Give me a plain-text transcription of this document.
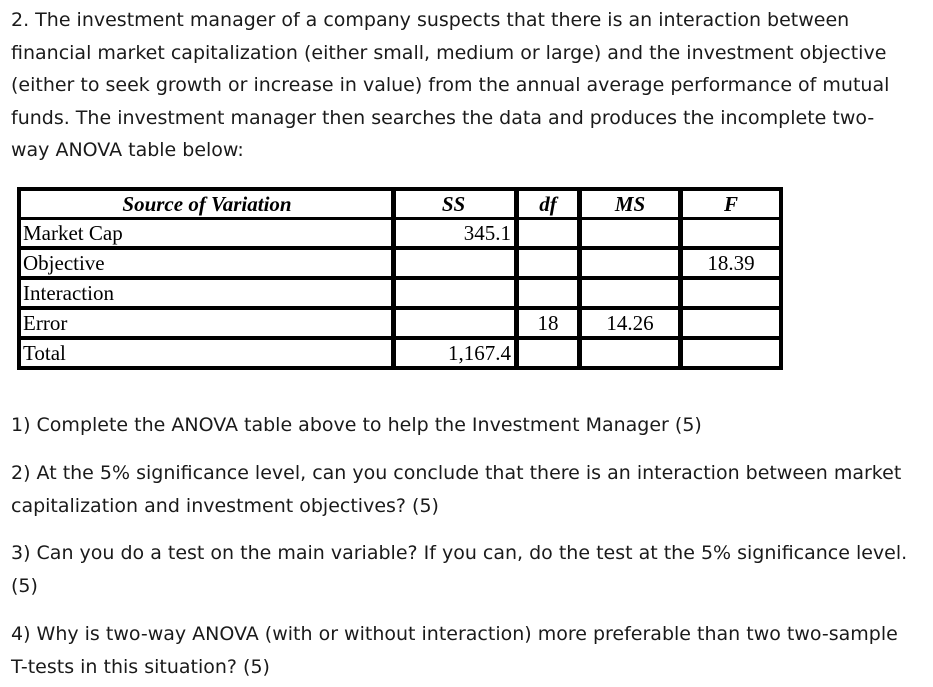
2. The investment manager of a company suspects that there is an interaction between financial market capitalization (either small, medium or large) and the investment objective (either to seek growth or increase in value) from the annual average performance of mutual funds. The investment manager then searches the data and produces the incomplete two-way ANOVA table below:

Source of Variation	SS	df	MS	F
Market Cap	345.1			
Objective				18.39
Interaction				
Error		18	14.26	
Total	1,167.4			

1) Complete the ANOVA table above to help the Investment Manager (5)

2) At the 5% significance level, can you conclude that there is an interaction between market capitalization and investment objectives? (5)

3) Can you do a test on the main variable? If you can, do the test at the 5% significance level. (5)

4) Why is two-way ANOVA (with or without interaction) more preferable than two two-sample T-tests in this situation? (5)
